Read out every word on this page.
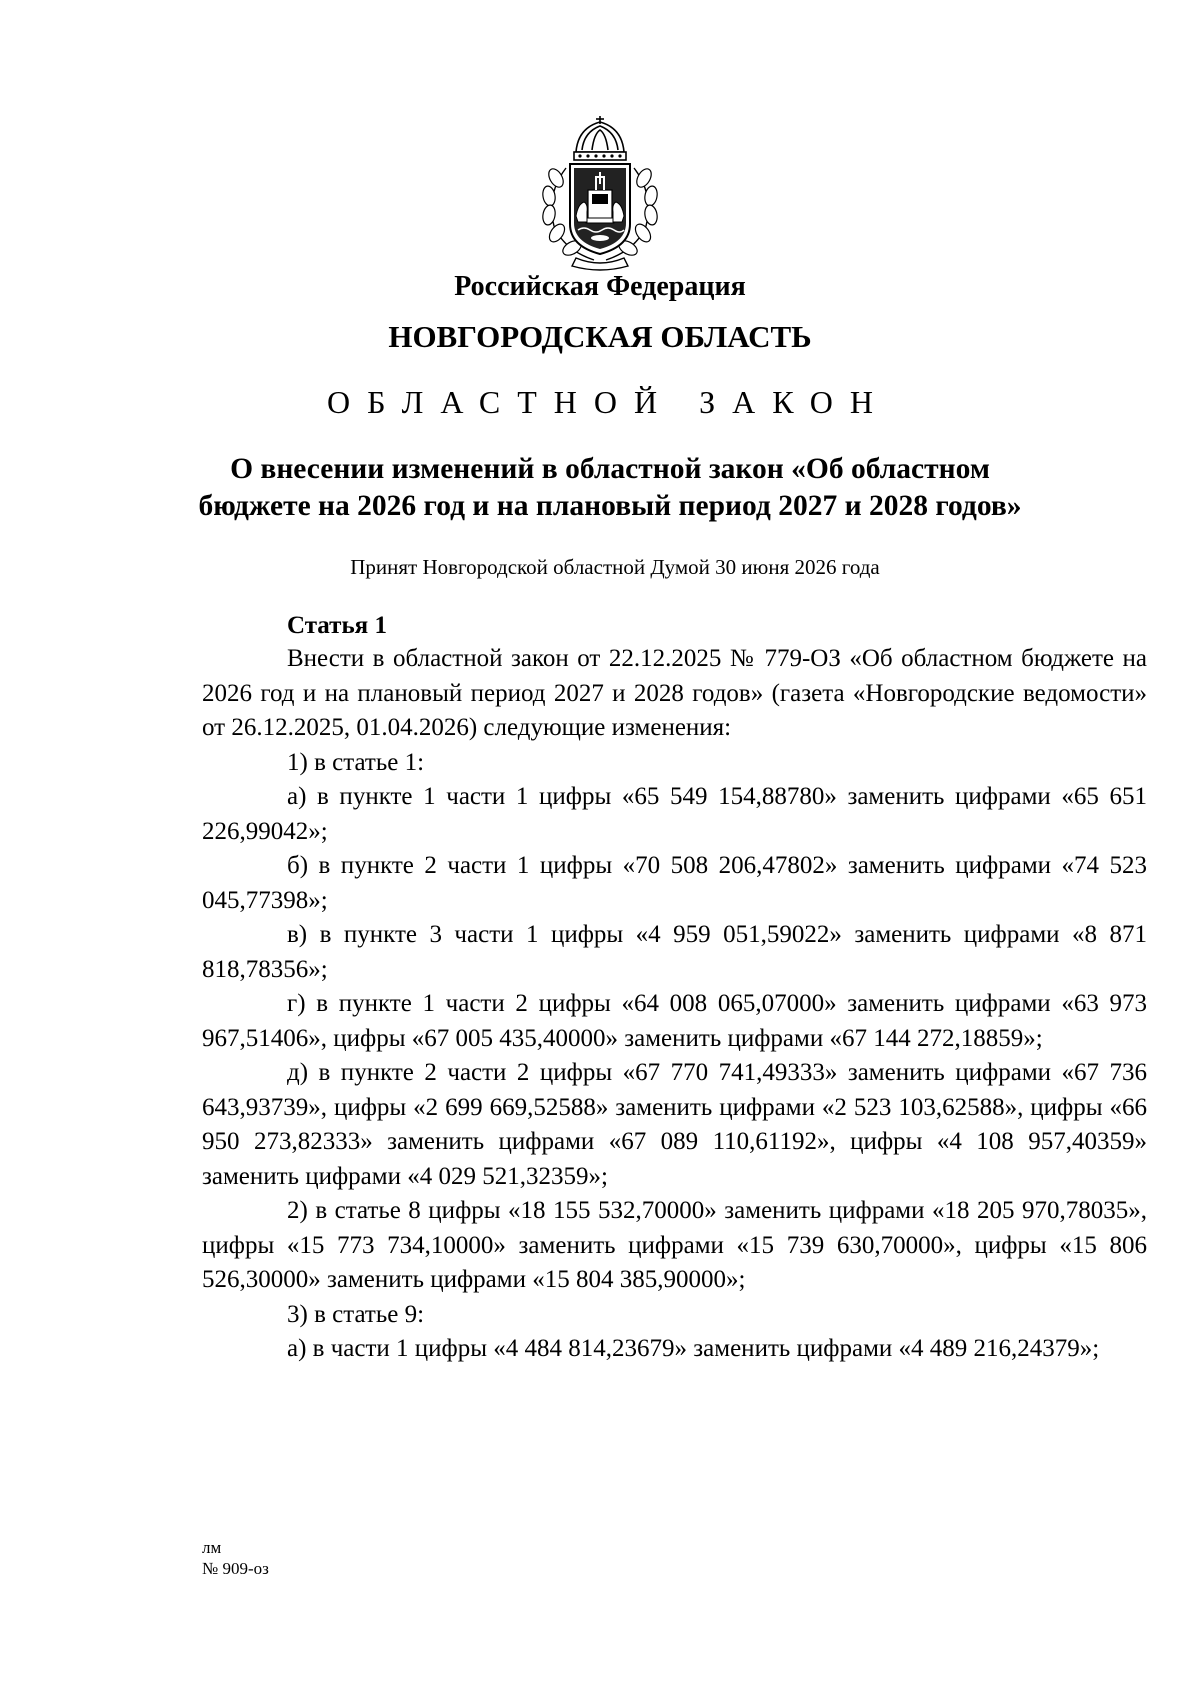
Российская Федерация
НОВГОРОДСКАЯ ОБЛАСТЬ
ОБЛАСТНОЙ ЗАКОН
О внесении изменений в областной закон «Об областном бюджете на 2026 год и на плановый период 2027 и 2028 годов»
Принят Новгородской областной Думой 30 июня 2026 года
Статья 1

Внести в областной закон от 22.12.2025 № 779-ОЗ «Об областном бюджете на 2026 год и на плановый период 2027 и 2028 годов» (газета «Новгородские ведомости» от 26.12.2025, 01.04.2026) следующие изменения:

1) в статье 1:

а) в пункте 1 части 1 цифры «65 549 154,88780» заменить цифрами «65 651 226,99042»;

б) в пункте 2 части 1 цифры «70 508 206,47802» заменить цифрами «74 523 045,77398»;

в) в пункте 3 части 1 цифры «4 959 051,59022» заменить цифрами «8 871 818,78356»;

г) в пункте 1 части 2 цифры «64 008 065,07000» заменить цифрами «63 973 967,51406», цифры «67 005 435,40000» заменить цифрами «67 144 272,18859»;

д) в пункте 2 части 2 цифры «67 770 741,49333» заменить цифрами «67 736 643,93739», цифры «2 699 669,52588» заменить цифрами «2 523 103,62588», цифры «66 950 273,82333» заменить цифрами «67 089 110,61192», цифры «4 108 957,40359» заменить цифрами «4 029 521,32359»;

2) в статье 8 цифры «18 155 532,70000» заменить цифрами «18 205 970,78035», цифры «15 773 734,10000» заменить цифрами «15 739 630,70000», цифры «15 806 526,30000» заменить цифрами «15 804 385,90000»;

3) в статье 9:

а) в части 1 цифры «4 484 814,23679» заменить цифрами «4 489 216,24379»;

лм
№ 909-оз
